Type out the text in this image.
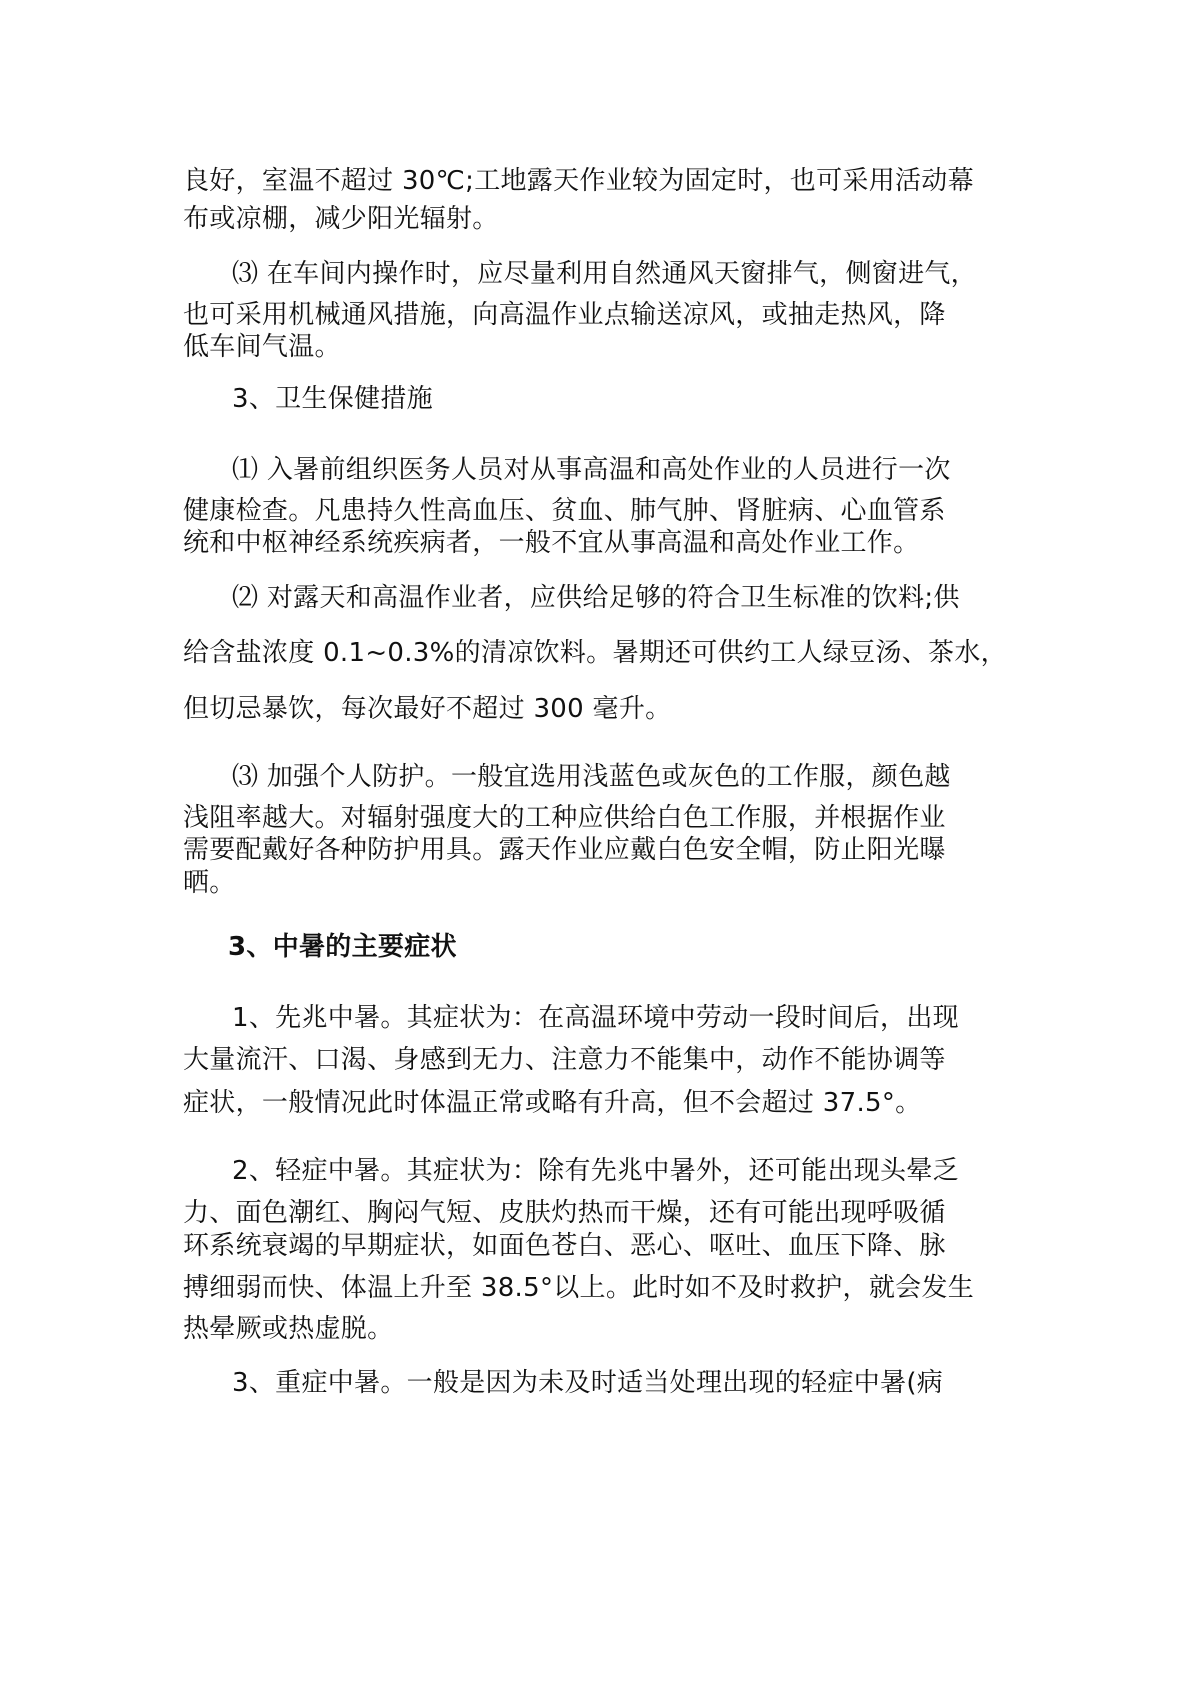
良好，室温不超过 30℃;工地露天作业较为固定时，也可采用活动幕
布或凉棚，减少阳光辐射。
⑶ 在车间内操作时，应尽量利用自然通风天窗排气，侧窗进气，
也可采用机械通风措施，向高温作业点输送凉风，或抽走热风，降
低车间气温。
3、卫生保健措施
⑴ 入暑前组织医务人员对从事高温和高处作业的人员进行一次
健康检查。凡患持久性高血压、贫血、肺气肿、肾脏病、心血管系
统和中枢神经系统疾病者，一般不宜从事高温和高处作业工作。
⑵ 对露天和高温作业者，应供给足够的符合卫生标准的饮料;供
给含盐浓度 0.1~0.3%的清凉饮料。暑期还可供约工人绿豆汤、茶水，
但切忌暴饮，每次最好不超过 300 毫升。
⑶ 加强个人防护。一般宜选用浅蓝色或灰色的工作服，颜色越
浅阻率越大。对辐射强度大的工种应供给白色工作服，并根据作业
需要配戴好各种防护用具。露天作业应戴白色安全帽，防止阳光曝
晒。
3、中暑的主要症状
1、先兆中暑。其症状为：在高温环境中劳动一段时间后，出现
大量流汗、口渴、身感到无力、注意力不能集中，动作不能协调等
症状，一般情况此时体温正常或略有升高，但不会超过 37.5°。
2、轻症中暑。其症状为：除有先兆中暑外，还可能出现头晕乏
力、面色潮红、胸闷气短、皮肤灼热而干燥，还有可能出现呼吸循
环系统衰竭的早期症状，如面色苍白、恶心、呕吐、血压下降、脉
搏细弱而快、体温上升至 38.5°以上。此时如不及时救护，就会发生
热晕厥或热虚脱。
3、重症中暑。一般是因为未及时适当处理出现的轻症中暑(病
